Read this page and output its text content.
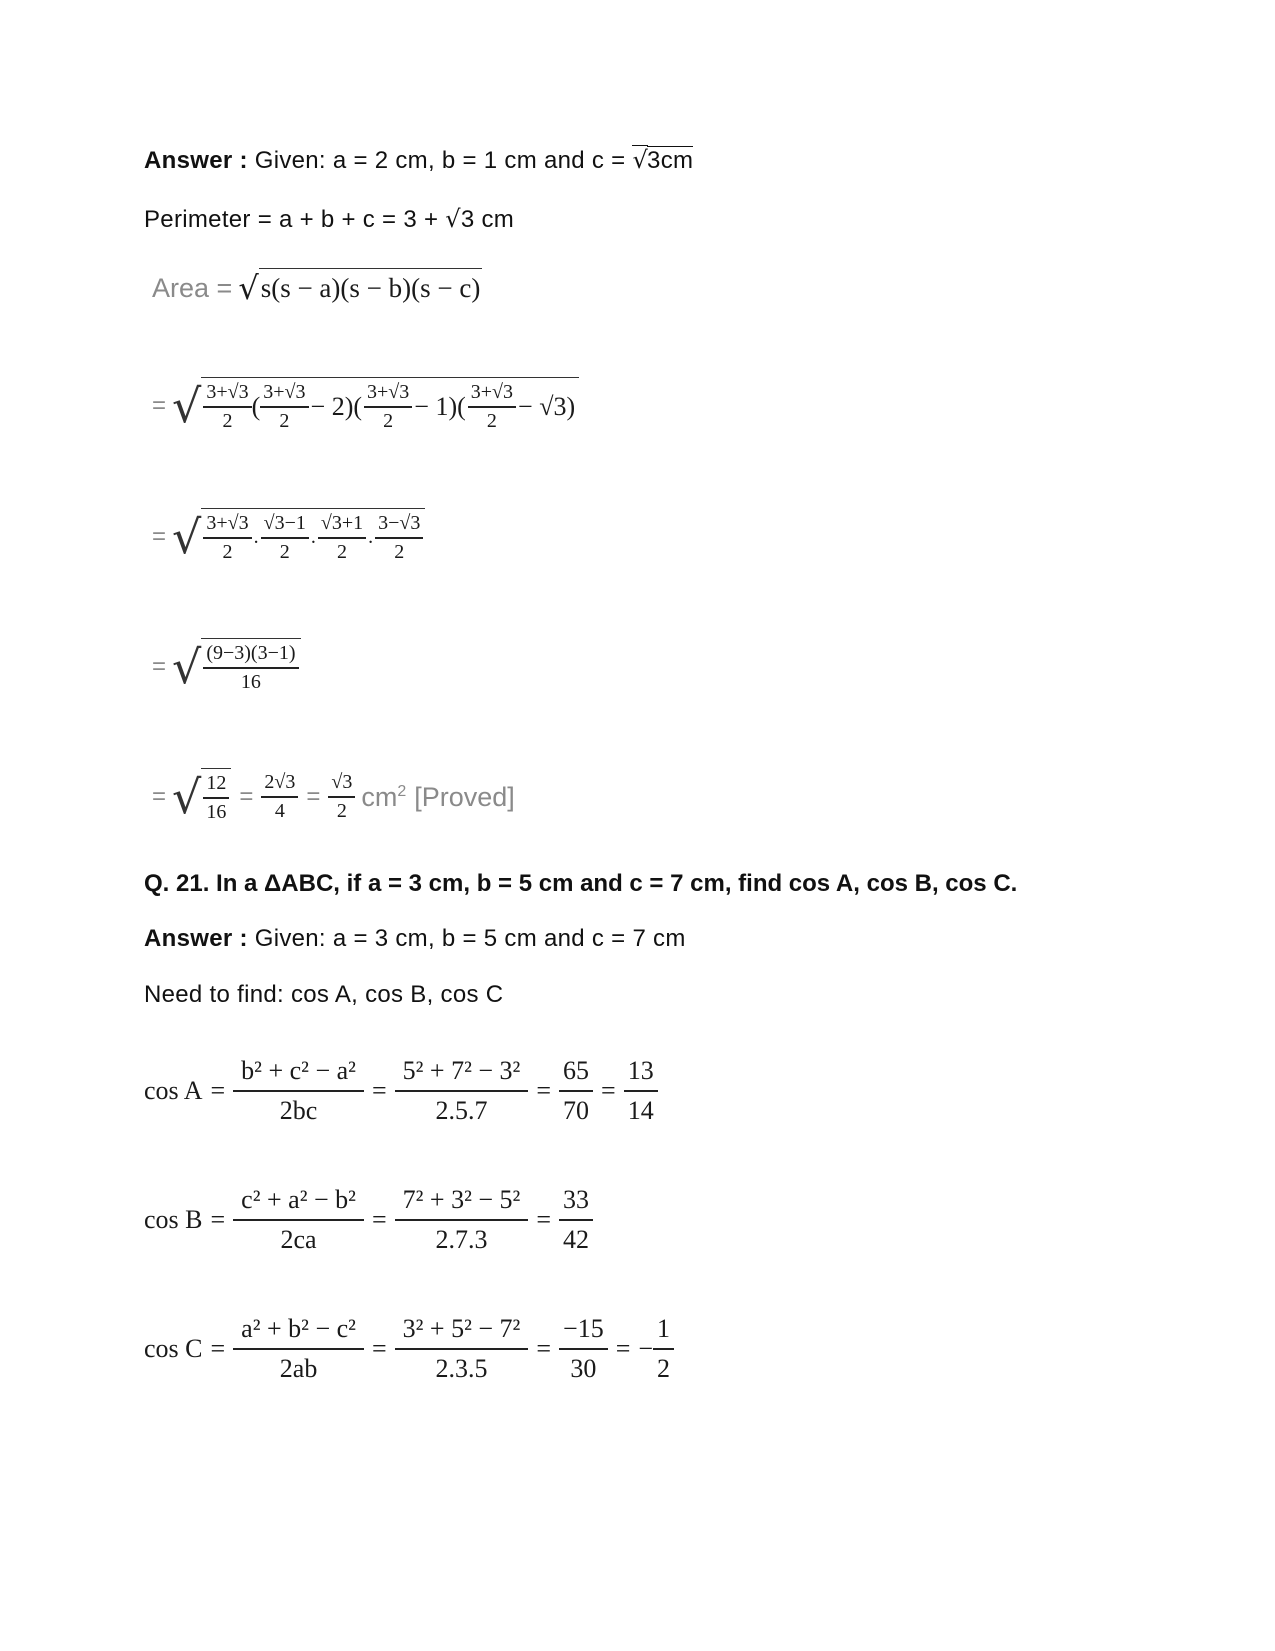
Answer : Given: a = 2 cm, b = 1 cm and c = √3cm
Perimeter = a + b + c = 3 + √3 cm
Area = √ s(s − a)(s − b)(s − c)
= √ $\frac{3+√3}{2}$ ( $\frac{3+√3}{2} - 2)( \frac{3+√3}{2} - 1)( \frac{3+√3}{2} - √3)$
= √ $\frac{3+√3}{2}$ . $\frac{√3-1}{2}$ . $\frac{√3+1}{2}$ . $\frac{3-√3}{2}$
= √ $\frac{(9-3)(3-1)}{16}$
= √ $\frac{12}{16} = \frac{2√3}{4} = \frac{√3}{2} cm^2$ [Proved]
Q. 21. In a ΔABC, if a = 3 cm, b = 5 cm and c = 7 cm, find cos A, cos B, cos C.
Answer : Given: a = 3 cm, b = 5 cm and c = 7 cm
Need to find: cos A, cos B, cos C
$\cos A = \frac{\text{b² + c² − a²}}{2bc} = \frac{\text{5² + 7² − 3²}}{2.5.7} = \frac{65}{70} = \frac{13}{14}$
$\cos B = \frac{\text{c² + a² − b²}}{2ca} = \frac{\text{7² + 3² − 5²}}{2.7.3} = \frac{33}{42}$
$\cos C = \frac{\text{a² + b² − c²}}{2ab} = \frac{\text{3² + 5² − 7²}}{2.3.5} = \frac{-15}{30}$ = − $\frac{1}{2}$
